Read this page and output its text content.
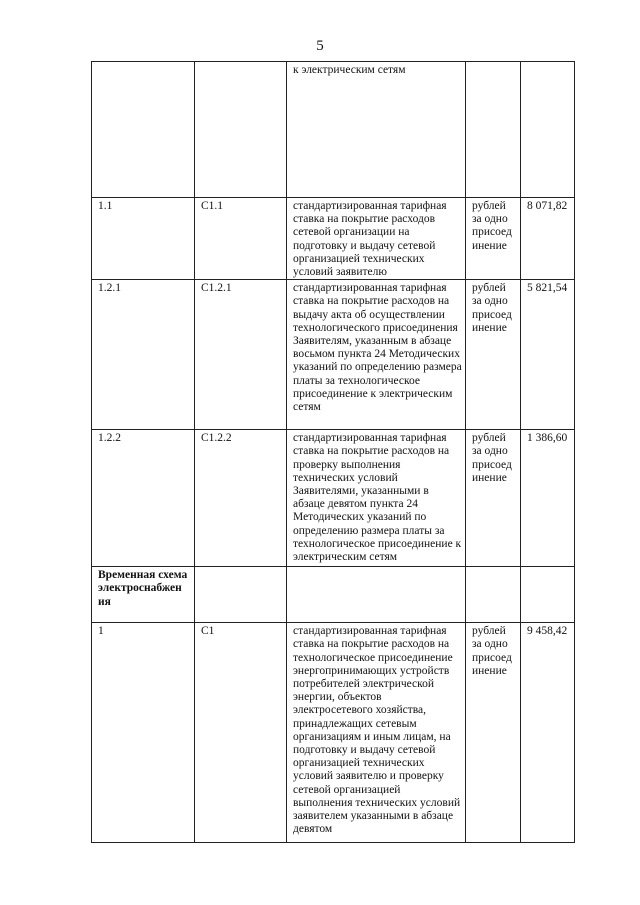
5
		к электрическим сетям		
1.1	C1.1	стандартизированная тарифная ставка на покрытие расходов сетевой организации на подготовку и выдачу сетевой организацией технических условий заявителю	рублей за одно присоед инение	8 071,82
1.2.1	C1.2.1	стандартизированная тарифная ставка на покрытие расходов на выдачу акта об осуществлении технологического присоединения Заявителям, указанным в абзаце восьмом пункта 24 Методических указаний по определению размера платы за технологическое присоединение к электрическим сетям	рублей за одно присоед инение	5 821,54
1.2.2	C1.2.2	стандартизированная тарифная ставка на покрытие расходов на проверку выполнения технических условий Заявителями, указанными в абзаце девятом пункта 24 Методических указаний по определению размера платы за технологическое присоединение к электрическим сетям	рублей за одно присоед инение	1 386,60
Временная схема электроснабжен ия	

1	C1	стандартизированная тарифная ставка на покрытие расходов на технологическое присоединение энергопринимающих устройств потребителей электрической энергии, объектов электросетевого хозяйства, принадлежащих сетевым организациям и иным лицам, на подготовку и выдачу сетевой организацией технических условий заявителю и проверку сетевой организацией выполнения технических условий заявителем указанными в абзаце девятом	рублей за одно присоед инение	9 458,42
